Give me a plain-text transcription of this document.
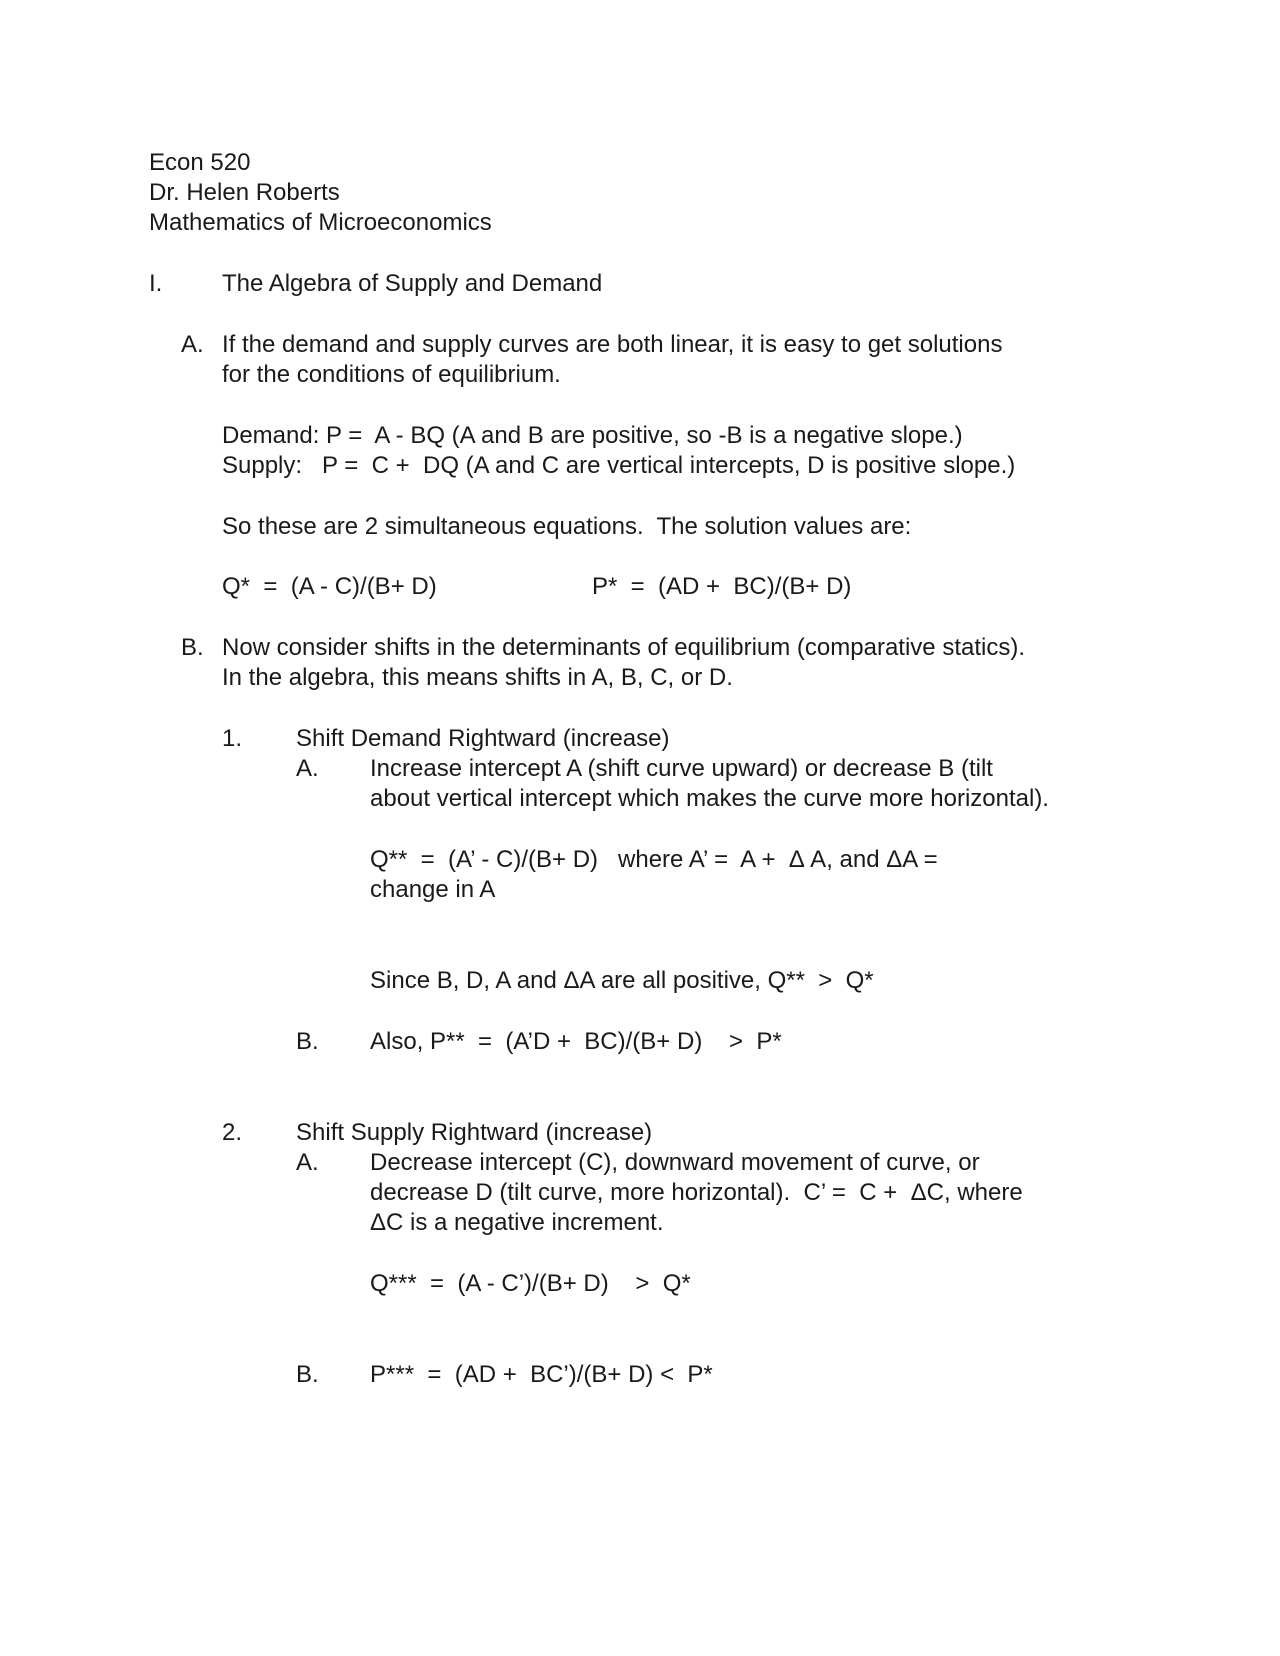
Econ 520
Dr. Helen Roberts
Mathematics of Microeconomics
I. The Algebra of Supply and Demand
A. If the demand and supply curves are both linear, it is easy to get solutions
for the conditions of equilibrium.
Demand: P =  A - BQ (A and B are positive, so -B is a negative slope.)
Supply:   P =  C +  DQ (A and C are vertical intercepts, D is positive slope.)
So these are 2 simultaneous equations.  The solution values are:
Q*  =  (A - C)/(B+ D)	P*  =  (AD +  BC)/(B+ D)
B. Now consider shifts in the determinants of equilibrium (comparative statics).
In the algebra, this means shifts in A, B, C, or D.
1. Shift Demand Rightward (increase)
A. Increase intercept A (shift curve upward) or decrease B (tilt
about vertical intercept which makes the curve more horizontal).
Q**  =  (A’ - C)/(B+ D)   where A’ =  A +  Δ A, and ΔA =
change in A
Since B, D, A and ΔA are all positive, Q**  >  Q*
B. Also, P**  =  (A’D +  BC)/(B+ D)    >  P*
2. Shift Supply Rightward (increase)
A. Decrease intercept (C), downward movement of curve, or
decrease D (tilt curve, more horizontal).  C’ =  C +  ΔC, where
ΔC is a negative increment.
Q***  =  (A - C’)/(B+ D)    >  Q*
B. P***  =  (AD +  BC’)/(B+ D) <  P*
